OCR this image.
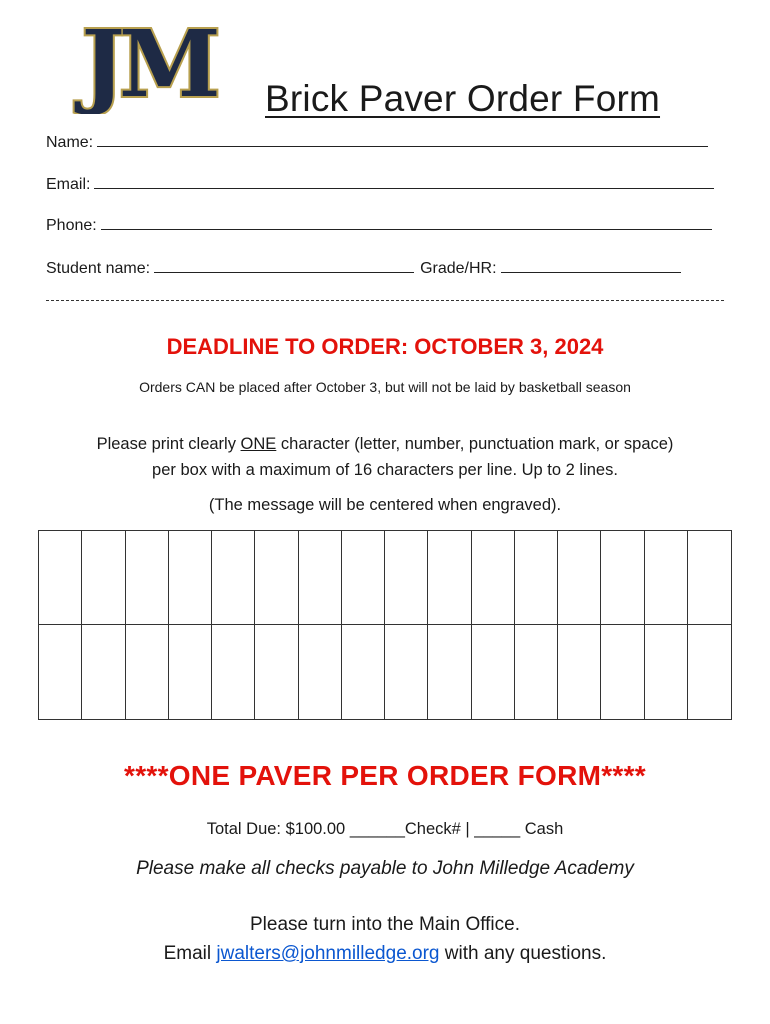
JM Brick Paver Order Form
Name:
Email:
Phone:
Student name:	Grade/HR:
DEADLINE TO ORDER: OCTOBER 3, 2024
Orders CAN be placed after October 3, but will not be laid by basketball season
Please print clearly ONE character (letter, number, punctuation mark, or space)
per box with a maximum of 16 characters per line. Up to 2 lines.
(The message will be centered when engraved).
****ONE PAVER PER ORDER FORM****
Total Due: $100.00 ______Check# | _____ Cash
Please make all checks payable to John Milledge Academy
Please turn into the Main Office.
Email jwalters@johnmilledge.org with any questions.
